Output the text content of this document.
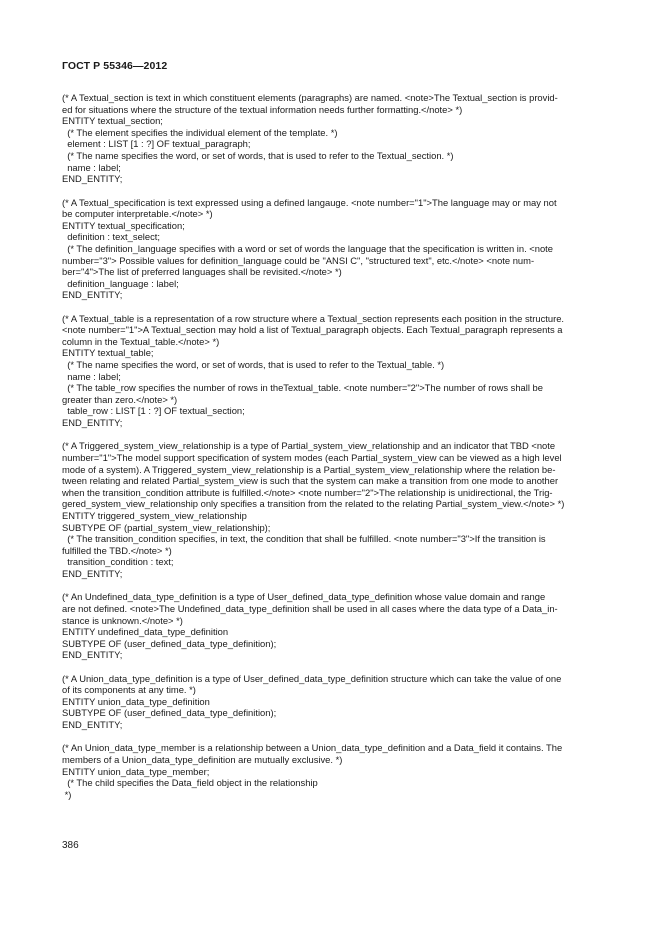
ГОСТ Р 55346—2012
(* A Textual_section is text in which constituent elements (paragraphs) are named. <note>The Textual_section is provid-
ed for situations where the structure of the textual information needs further formatting.</note> *)
ENTITY textual_section;
(* The element specifies the individual element of the template. *)
element : LIST [1 : ?] OF textual_paragraph;
(* The name specifies the word, or set of words, that is used to refer to the Textual_section. *)
name : label;
END_ENTITY;
(* A Textual_specification is text expressed using a defined langauge. <note number="1">The language may or may not
be computer interpretable.</note> *)
ENTITY textual_specification;
definition : text_select;
(* The definition_language specifies with a word or set of words the language that the specification is written in. <note
number="3"> Possible values for definition_language could be "ANSI C", "structured text", etc.</note> <note num-
ber="4">The list of preferred languages shall be revisited.</note> *)
definition_language : label;
END_ENTITY;
(* A Textual_table is a representation of a row structure where a Textual_section represents each position in the structure.
<note number="1">A Textual_section may hold a list of Textual_paragraph objects. Each Textual_paragraph represents a
column in the Textual_table.</note> *)
ENTITY textual_table;
(* The name specifies the word, or set of words, that is used to refer to the Textual_table. *)
name : label;
(* The table_row specifies the number of rows in theTextual_table. <note number="2">The number of rows shall be
greater than zero.</note> *)
table_row : LIST [1 : ?] OF textual_section;
END_ENTITY;
(* A Triggered_system_view_relationship is a type of Partial_system_view_relationship and an indicator that TBD <note
number="1">The model support specification of system modes (each Partial_system_view can be viewed as a high level
mode of a system). A Triggered_system_view_relationship is a Partial_system_view_relationship where the relation be-
tween relating and related Partial_system_view is such that the system can make a transition from one mode to another
when the transition_condition attribute is fulfilled.</note> <note number="2">The relationship is unidirectional, the Trig-
gered_system_view_relationship only specifies a transition from the related to the relating Partial_system_view.</note> *)
ENTITY triggered_system_view_relationship
SUBTYPE OF (partial_system_view_relationship);
(* The transition_condition specifies, in text, the condition that shall be fulfilled. <note number="3">If the transition is
fulfilled the TBD.</note> *)
transition_condition : text;
END_ENTITY;
(* An Undefined_data_type_definition is a type of User_defined_data_type_definition whose value domain and range
are not defined. <note>The Undefined_data_type_definition shall be used in all cases where the data type of a Data_in-
stance is unknown.</note> *)
ENTITY undefined_data_type_definition
SUBTYPE OF (user_defined_data_type_definition);
END_ENTITY;
(* A Union_data_type_definition is a type of User_defined_data_type_definition structure which can take the value of one
of its components at any time. *)
ENTITY union_data_type_definition
SUBTYPE OF (user_defined_data_type_definition);
END_ENTITY;
(* An Union_data_type_member is a relationship between a Union_data_type_definition and a Data_field it contains. The
members of a Union_data_type_definition are mutually exclusive. *)
ENTITY union_data_type_member;
(* The child specifies the Data_field object in the relationship
*)
386
